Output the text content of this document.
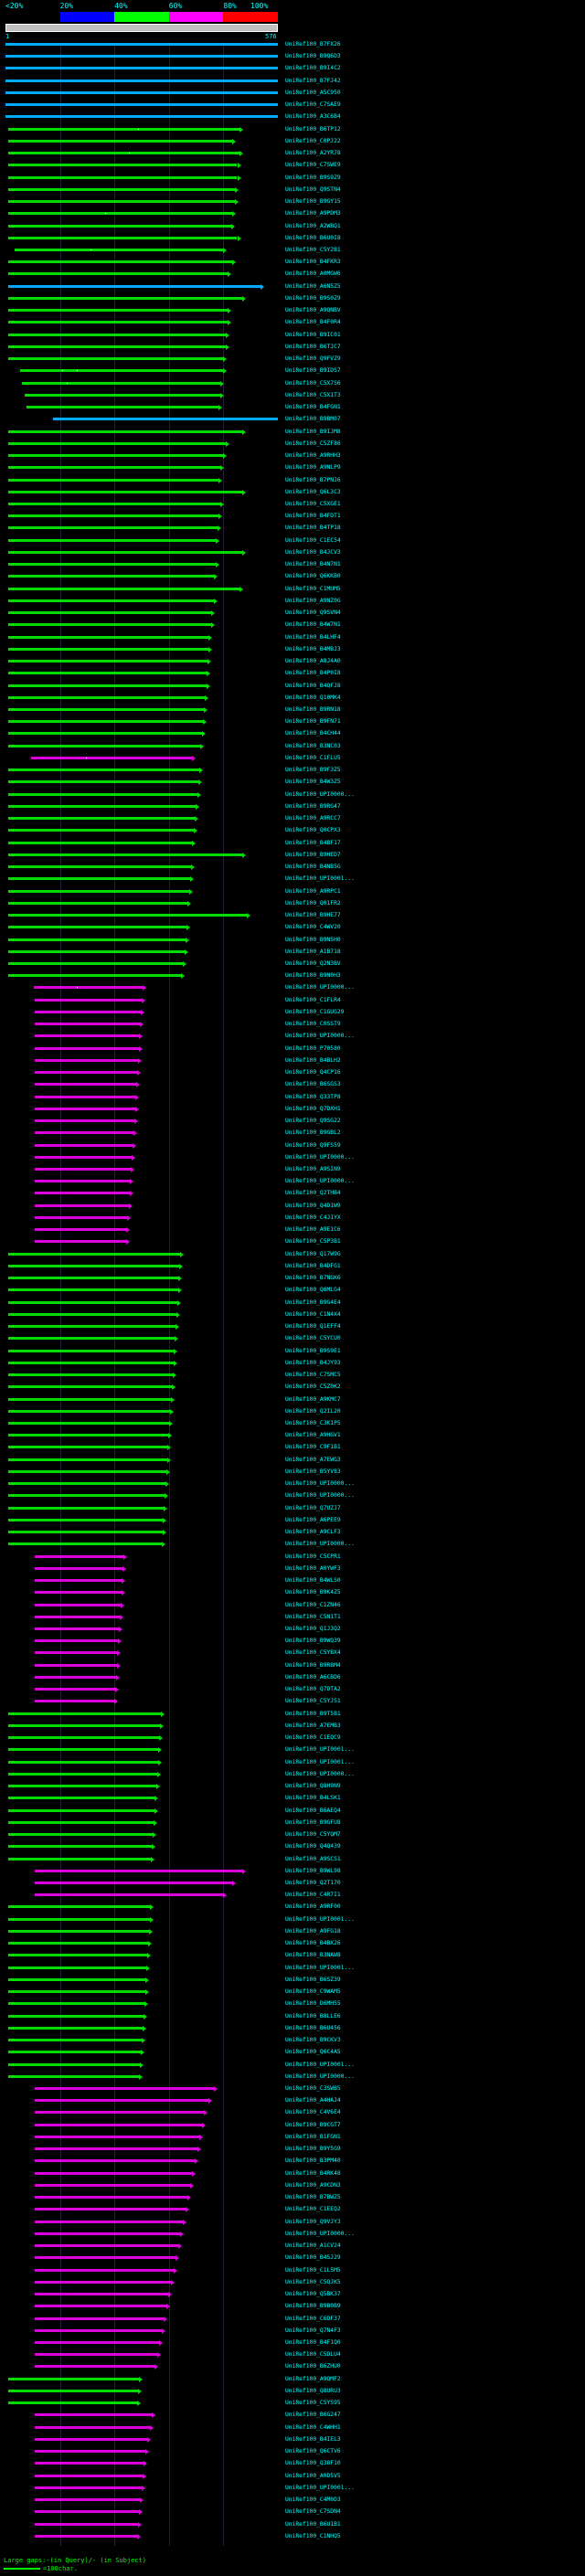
<20%	20%	40%	60%	80% 100%
1	576
UniRef100_B7FX26
UniRef100_B9Q6D3
UniRef100_B9I4C2
UniRef100_B7FJ42
UniRef100_A5C950
UniRef100_C7SAE9
UniRef100_A3C6B4
UniRef100_B6TP12
UniRef100_C0PJ22
UniRef100_A2YR78
UniRef100_C7SWE9
UniRef100_B9S9Z9
UniRef100_Q9STN4
UniRef100_B9GY15
UniRef100_A9PDM3
UniRef100_A2WBQ1
UniRef100_B6U0I8
UniRef100_C5Y2B1
UniRef100_B4FKR3
UniRef100_A0MGW6
UniRef100_A6N5Z5
UniRef100_B9S0Z9
UniRef100_A9QNBV
UniRef100_B4F0R4
UniRef100_B9IC01
UniRef100_B6TJC7
UniRef100_Q9FVZ9
UniRef100_B9IDS7
UniRef100_C5X7S6
UniRef100_C5X1T3
UniRef100_B4FGN1
UniRef100_B9BM07
UniRef100_B9IJM8
UniRef100_C5ZF86
UniRef100_A9RHH3
UniRef100_A9NLP9
UniRef100_B7PNJ6
UniRef100_Q6L3C3
UniRef100_C5XGE1
UniRef100_B4FDT1
UniRef100_B4TP18
UniRef100_C1EC54
UniRef100_B4JCV3
UniRef100_B4N7N1
UniRef100_Q6KKB0
UniRef100_C1MUM5
UniRef100_A9NZ0G
UniRef100_Q9SVN4
UniRef100_B4W7N1
UniRef100_B4LHF4
UniRef100_B4MBJ3
UniRef100_A8J4A0
UniRef100_B4P0I8
UniRef100_B4QFJ8
UniRef100_Q10MK4
UniRef100_B9RN18
UniRef100_B9FN71
UniRef100_B4CH44
UniRef100_B3NC03
UniRef100_C1FLU5
UniRef100_B9F3Z5
UniRef100_B4W3Z5
UniRef100_UPI0000...
UniRef100_B9RG47
UniRef100_A9RCC7
UniRef100_Q0CPX3
UniRef100_B4BF17
UniRef100_B9HED7
UniRef100_B4NB5G
UniRef100_UPI0001...
UniRef100_A9RPC1
UniRef100_Q01FR2
UniRef100_B9HE77
UniRef100_C4WV20
UniRef100_B9N5H0
UniRef100_A1B718
UniRef100_Q2N3BV
UniRef100_B9N0H3
UniRef100_UPI0000...
UniRef100_C1FLR4
UniRef100_C1GUG29
UniRef100_C0SST9
UniRef100_UPI0000...
UniRef100_P70580
UniRef100_B4BLH2
UniRef100_Q4CP16
UniRef100_B6SGS3
UniRef100_Q33TP8
UniRef100_Q7DXH1
UniRef100_Q9SG22
UniRef100_B9GBL2
UniRef100_Q9FS59
UniRef100_UPI0000...
UniRef100_A9SIN9
UniRef100_UPI0000...
UniRef100_Q2THB4
UniRef100_Q4D1W9
UniRef100_C4J1YX
UniRef100_A9E1C6
UniRef100_C5P3B1
UniRef100_Q17W9G
UniRef100_B4DFG1
UniRef100_B7NGK6
UniRef100_Q6MLG4
UniRef100_B9G4E4
UniRef100_C1N4X4
UniRef100_Q1EFF4
UniRef100_C5YCU0
UniRef100_B9S9E1
UniRef100_B4JY93
UniRef100_C7SMC5
UniRef100_C5Z0K2
UniRef100_A9KMC7
UniRef100_Q2IL20
UniRef100_C3K1P5
UniRef100_A9HGV1
UniRef100_C9F1B1
UniRef100_A7EWG3
UniRef100_B5YV83
UniRef100_UPI0000...
UniRef100_UPI0000...
UniRef100_Q7UZJ7
UniRef100_A6PEE9
UniRef100_A9CLF3
UniRef100_UPI0000...
UniRef100_C5CPR1
UniRef100_A0YWF3
UniRef100_B4WLS0
UniRef100_B9K4Z5
UniRef100_C1ZN46
UniRef100_C5N1T1
UniRef100_Q1J3Q2
UniRef100_B9WQ39
UniRef100_C5YBX4
UniRef100_B9R8M4
UniRef100_A6CBD6
UniRef100_Q7DTA2
UniRef100_C5YJS1
UniRef100_B9T5B1
UniRef100_A7EMB3
UniRef100_C1EQC9
UniRef100_UPI0001...
UniRef100_UPI0001...
UniRef100_UPI0000...
UniRef100_Q8H9N9
UniRef100_B4LSK1
UniRef100_B6AEQ4
UniRef100_B9GFU8
UniRef100_C5YQM7
UniRef100_Q4Q439
UniRef100_A9SCS1
UniRef100_B9WL98
UniRef100_Q2T170
UniRef100_C4R7I1
UniRef100_A9RF00
UniRef100_UPI0001...
UniRef100_A9FG18
UniRef100_B4BX26
UniRef100_B3NAW8
UniRef100_UPI0001...
UniRef100_B6SZ39
UniRef100_C9WAM5
UniRef100_D6MH55
UniRef100_B8LLE6
UniRef100_B6U456
UniRef100_B9CKV3
UniRef100_Q6C4A5
UniRef100_UPI0001...
UniRef100_UPI0000...
UniRef100_C3SWB5
UniRef100_A4HAJ4
UniRef100_C4V6E4
UniRef100_B9CGT7
UniRef100_B1FGN1
UniRef100_B9Y5G9
UniRef100_B3PM40
UniRef100_B4RK48
UniRef100_A9CDN3
UniRef100_B7BWZ5
UniRef100_C1EEQ2
UniRef100_Q9VJY3
UniRef100_UPI0000...
UniRef100_A1CV24
UniRef100_B4SJ29
UniRef100_C1L5M5
UniRef100_C5QJK5
UniRef100_Q5BK37
UniRef100_B9B0B9
UniRef100_C6DF37
UniRef100_Q7N4F3
UniRef100_B4F1Q0
UniRef100_C5DLU4
UniRef100_B6ZHU0
UniRef100_A9QMF2
UniRef100_Q8URU3
UniRef100_C5YS95
UniRef100_B6G247
UniRef100_C4WHH1
UniRef100_B4IEL3
UniRef100_Q6CTV6
UniRef100_Q38F10
UniRef100_A0D5V5
UniRef100_UPI0001...
UniRef100_C4M0D3
UniRef100_C7SDN4
UniRef100_B6U1B1
UniRef100_C1NHQ5
Large gaps:-(in Query)/- (in Subject)
=100char.
